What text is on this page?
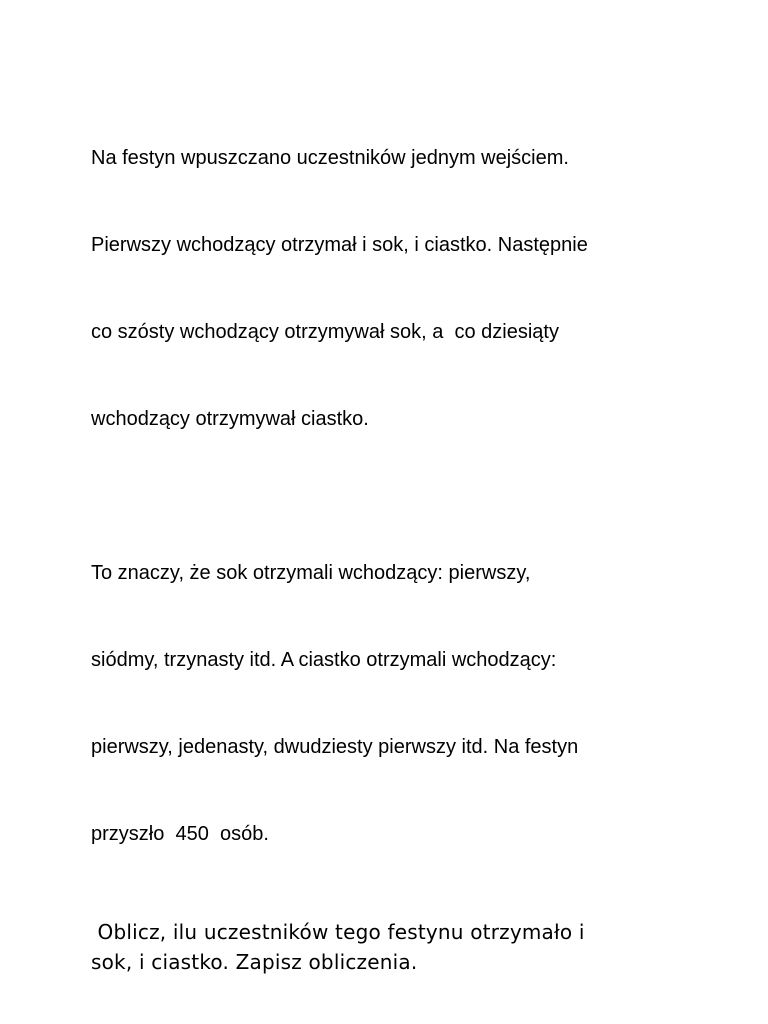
Na festyn wpuszczano uczestników jednym wejściem.

Pierwszy wchodzący otrzymał i sok, i ciastko. Następnie

co szósty wchodzący otrzymywał sok, a  co dziesiąty

wchodzący otrzymywał ciastko.

To znaczy, że sok otrzymali wchodzący: pierwszy,

siódmy, trzynasty itd. A ciastko otrzymali wchodzący:

pierwszy, jedenasty, dwudziesty pierwszy itd. Na festyn

przyszło  450  osób.

Oblicz, ilu uczestników tego festynu otrzymało i
sok, i ciastko. Zapisz obliczenia.
